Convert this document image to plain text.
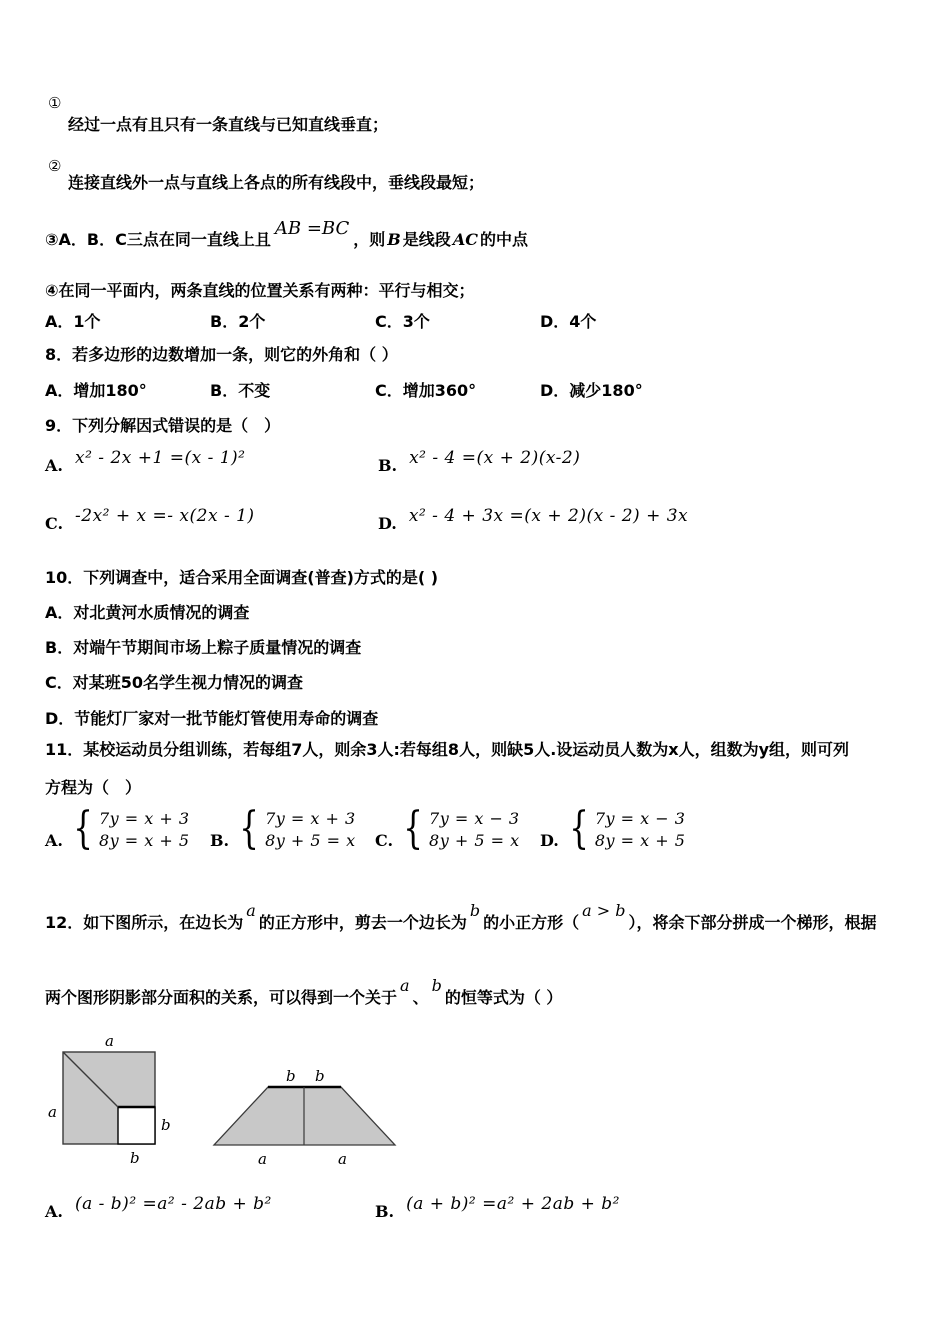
①
经过一点有且只有一条直线与已知直线垂直；
②
连接直线外一点与直线上各点的所有线段中，垂线段最短；
③A．B．C三点在同一直线上且AB =BC，则 B 是线段 AC 的中点
④在同一平面内，两条直线的位置关系有两种：平行与相交；
A．1个	B．2个	C．3个	D．4个
8．若多边形的边数增加一条，则它的外角和（ ）
A．增加180°	B．不变	C．增加360°	D．减少180°
9．下列分解因式错误的是（　）
A. x² - 2x +1 =(x - 1)²	B. x² - 4 =(x + 2)(x-2)
C. -2x² + x =- x(2x - 1)	D. x² - 4 + 3x =(x + 2)(x - 2) + 3x
10．下列调查中，适合采用全面调查(普查)方式的是( )
A．对北黄河水质情况的调查
B．对端午节期间市场上粽子质量情况的调查
C．对某班50名学生视力情况的调查
D．节能灯厂家对一批节能灯管使用寿命的调查
11．某校运动员分组训练，若每组7人，则余3人:若每组8人，则缺5人.设运动员人数为x人，组数为y组，则可列
方程为（　）
A. { 7y = x + 3
8y = x + 5 B. { 7y = x + 3
8y + 5 = x C. { 7y = x − 3
8y + 5 = x D. { 7y = x − 3
8y = x + 5
12．如下图所示，在边长为a的正方形中，剪去一个边长为b的小正方形（a > b），将余下部分拼成一个梯形，根据
两个图形阴影部分面积的关系，可以得到一个关于a、b的恒等式为（ ）
a
a
b
b
b b
a	a
A. (a - b)² =a² - 2ab + b²	B. (a + b)² =a² + 2ab + b²
